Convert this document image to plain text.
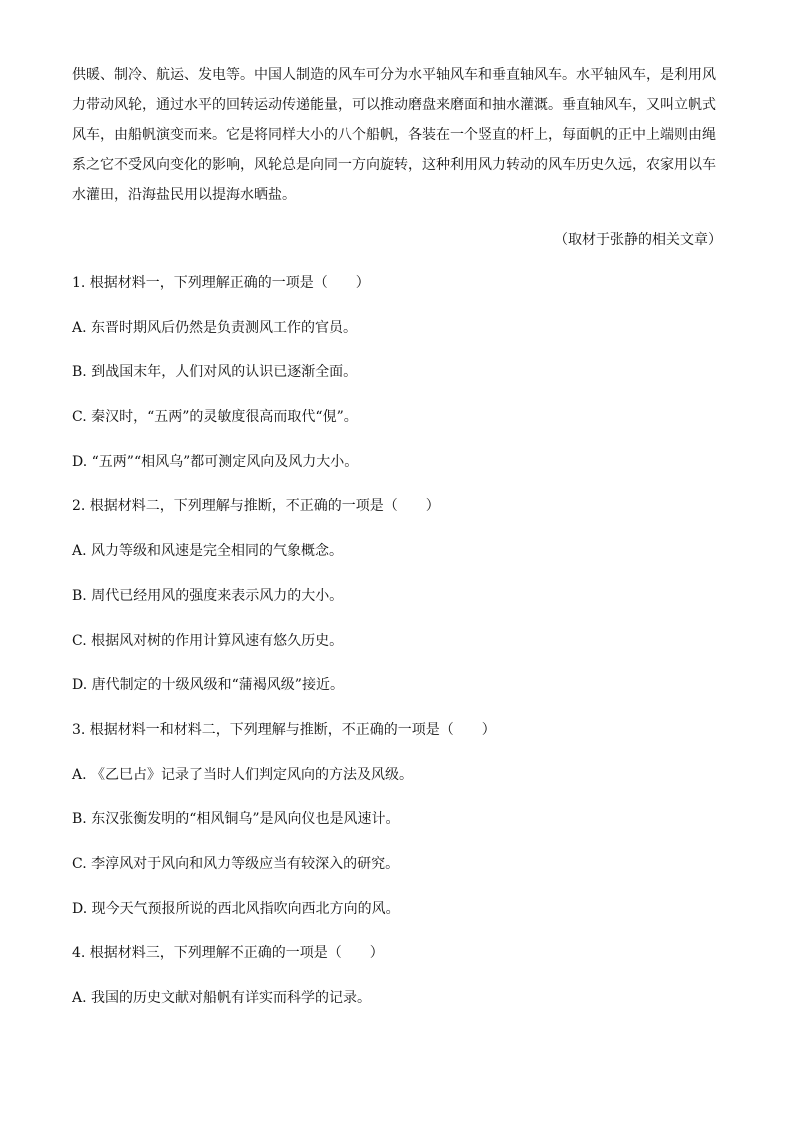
供暖、制冷、航运、发电等。中国人制造的风车可分为水平轴风车和垂直轴风车。水平轴风车，是利用风
力带动风轮，通过水平的回转运动传递能量，可以推动磨盘来磨面和抽水灌溉。垂直轴风车，又叫立帆式
风车，由船帆演变而来。它是将同样大小的八个船帆，各装在一个竖直的杆上，每面帆的正中上端则由绳
系之它不受风向变化的影响，风轮总是向同一方向旋转，这种利用风力转动的风车历史久远，农家用以车
水灌田，沿海盐民用以提海水晒盐。
（取材于张静的相关文章）
1. 根据材料一，下列理解正确的一项是（　　）
A. 东晋时期风后仍然是负责测风工作的官员。
B. 到战国末年，人们对风的认识已逐渐全面。
C. 秦汉时，“五两”的灵敏度很高而取代“俔”。
D. “五两”“相风乌”都可测定风向及风力大小。
2. 根据材料二，下列理解与推断，不正确的一项是（　　）
A. 风力等级和风速是完全相同的气象概念。
B. 周代已经用风的强度来表示风力的大小。
C. 根据风对树的作用计算风速有悠久历史。
D. 唐代制定的十级风级和“蒲褐风级”接近。
3. 根据材料一和材料二，下列理解与推断，不正确的一项是（　　）
A. 《乙巳占》记录了当时人们判定风向的方法及风级。
B. 东汉张衡发明的“相风铜乌”是风向仪也是风速计。
C. 李淳风对于风向和风力等级应当有较深入的研究。
D. 现今天气预报所说的西北风指吹向西北方向的风。
4. 根据材料三，下列理解不正确的一项是（　　）
A. 我国的历史文献对船帆有详实而科学的记录。
